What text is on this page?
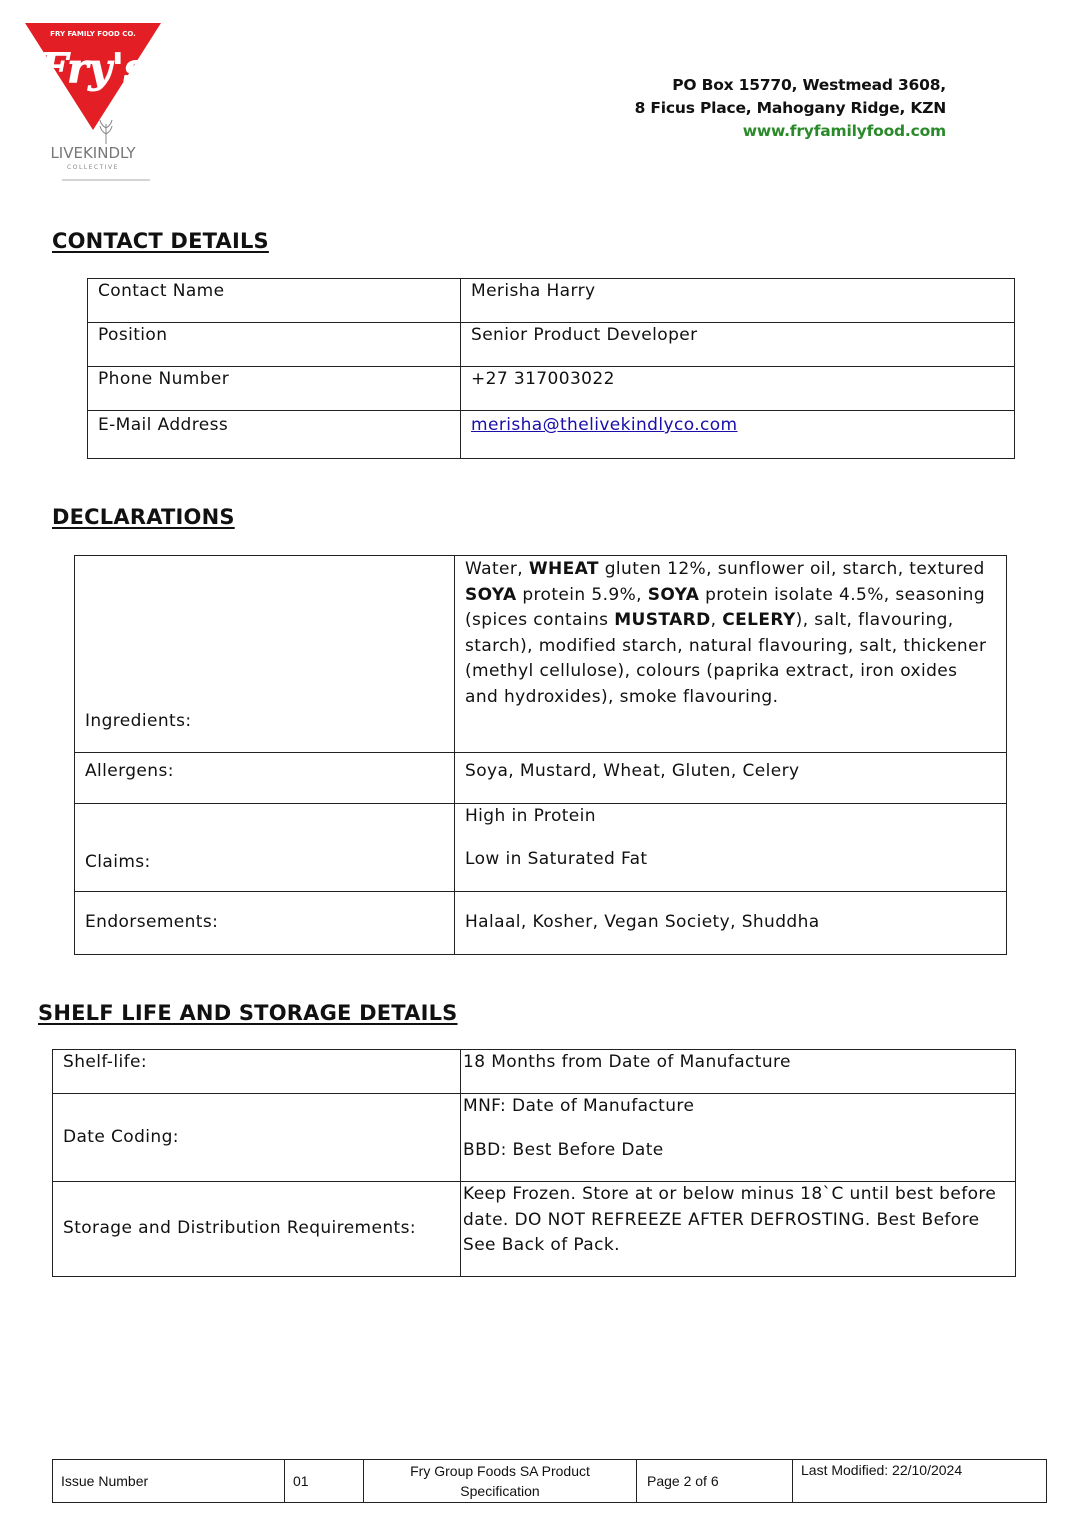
FRY FAMILY FOOD CO.
Fry's
LIVEKINDLY
COLLECTIVE
PO Box 15770, Westmead 3608,
8 Ficus Place, Mahogany Ridge, KZN
www.fryfamilyfood.com
CONTACT DETAILS
Contact Name	Merisha Harry
Position	Senior Product Developer
Phone Number	+27 317003022
E-Mail Address	merisha@thelivekindlyco.com
DECLARATIONS
Ingredients:	Water, WHEAT gluten 12%, sunflower oil, starch, textured SOYA protein 5.9%, SOYA protein isolate 4.5%, seasoning (spices contains MUSTARD, CELERY), salt, flavouring, starch), modified starch, natural flavouring, salt, thickener (methyl cellulose), colours (paprika extract, iron oxides and hydroxides), smoke flavouring.
Allergens:	Soya, Mustard, Wheat, Gluten, Celery
Claims:	High in Protein
Low in Saturated Fat

Endorsements:	Halaal, Kosher, Vegan Society, Shuddha
SHELF LIFE AND STORAGE DETAILS
Shelf-life:	18 Months from Date of Manufacture
Date Coding:	MNF: Date of Manufacture
BBD: Best Before Date

Storage and Distribution Requirements:	Keep Frozen. Store at or below minus 18`C until best before date. DO NOT REFREEZE AFTER DEFROSTING. Best Before See Back of Pack.
Issue Number	01	Fry Group Foods SA Product Specification	Page 2 of 6	Last Modified: 22/10/2024
